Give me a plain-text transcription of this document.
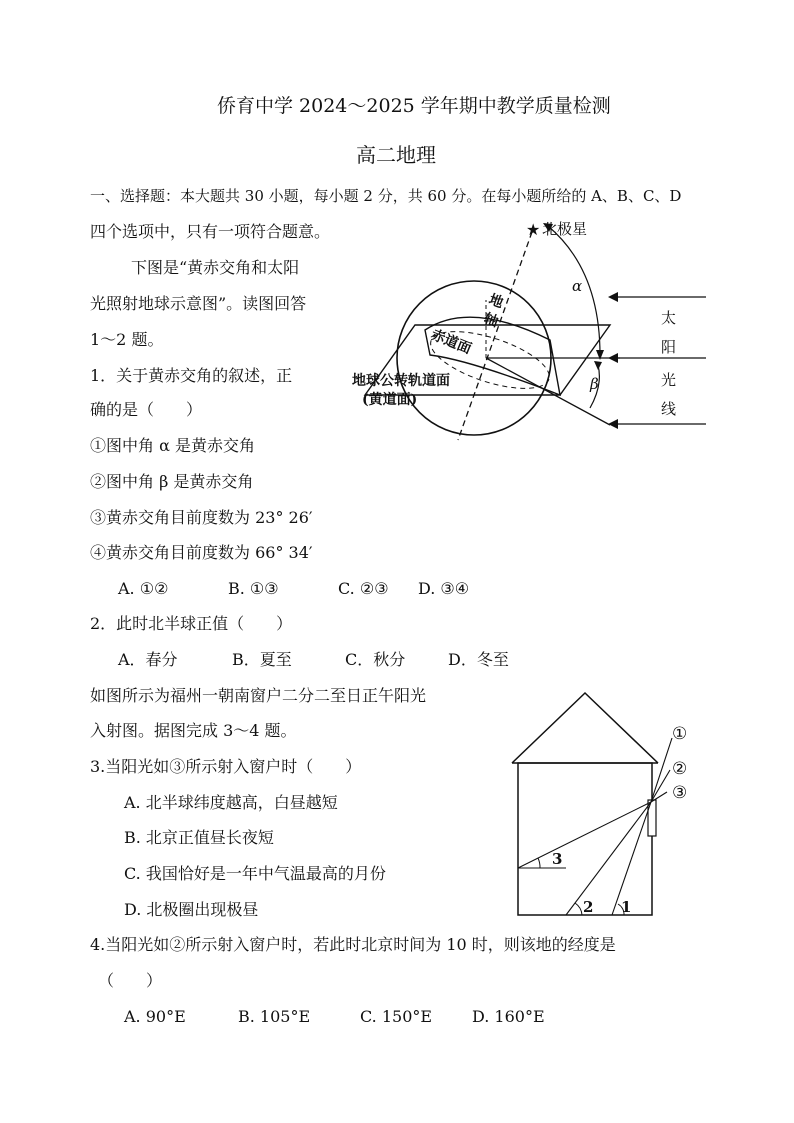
侨育中学 2024～2025 学年期中教学质量检测
高二地理
一、选择题：本大题共 30 小题，每小题 2 分，共 60 分。在每小题所给的 A、B、C、D
四个选项中，只有一项符合题意。
下图是“黄赤交角和太阳
光照射地球示意图”。读图回答
1～2 题。
1．关于黄赤交角的叙述，正
确的是（　　）
①图中角 α 是黄赤交角
②图中角 β 是黄赤交角
③黄赤交角目前度数为 23° 26′
④黄赤交角目前度数为 66° 34′
A. ①②	B. ①③	C. ②③ D. ③④
2．此时北半球正值（　　）
A．春分	B．夏至	C．秋分	D．冬至
如图所示为福州一朝南窗户二分二至日正午阳光
入射图。据图完成 3～4 题。
3.当阳光如③所示射入窗户时（　　）
A. 北半球纬度越高，白昼越短
B. 北京正值昼长夜短
C. 我国恰好是一年中气温最高的月份
D. 北极圈出现极昼
4.当阳光如②所示射入窗户时，若此时北京时间为 10 时，则该地的经度是
（　　）
A. 90°E	B. 105°E	C. 150°E D. 160°E
★ 北极星
α
β
地
轴
赤道面
地球公转轨道面
(黄道面)
太
阳
光
线
①
②
③
1
2
3
